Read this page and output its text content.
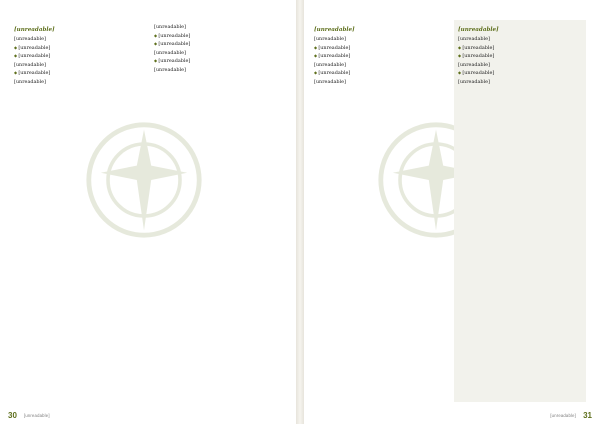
[unreadable]

[unreadable]

◆ [unreadable]

◆ [unreadable]

[unreadable]

◆ [unreadable]

[unreadable]

[unreadable]

◆ [unreadable]

◆ [unreadable]

[unreadable]

◆ [unreadable]

[unreadable]

30 [unreadable]
[unreadable]

[unreadable]

◆ [unreadable]

◆ [unreadable]

[unreadable]

◆ [unreadable]

[unreadable]

[unreadable]

[unreadable]

◆ [unreadable]

◆ [unreadable]

[unreadable]

◆ [unreadable]

[unreadable]

[unreadable] 31
